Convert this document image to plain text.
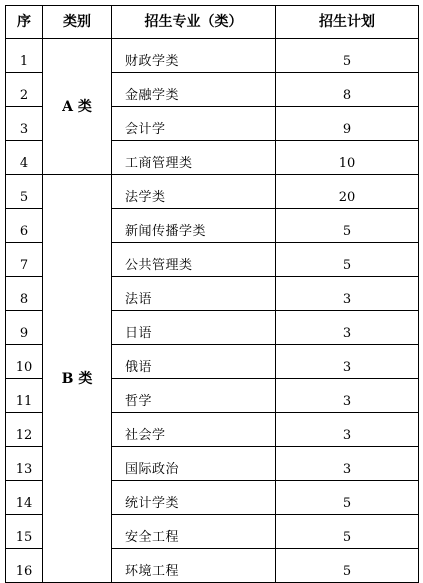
序	类别	招生专业（类）	招生计划
1	A 类	财政学类	5
2		金融学类	8
3		会计学	9
4		工商管理类	10
5	B 类	法学类	20
6		新闻传播学类	5
7		公共管理类	5
8		法语	3
9		日语	3
10		俄语	3
11		哲学	3
12		社会学	3
13		国际政治	3
14		统计学类	5
15		安全工程	5
16		环境工程	5
